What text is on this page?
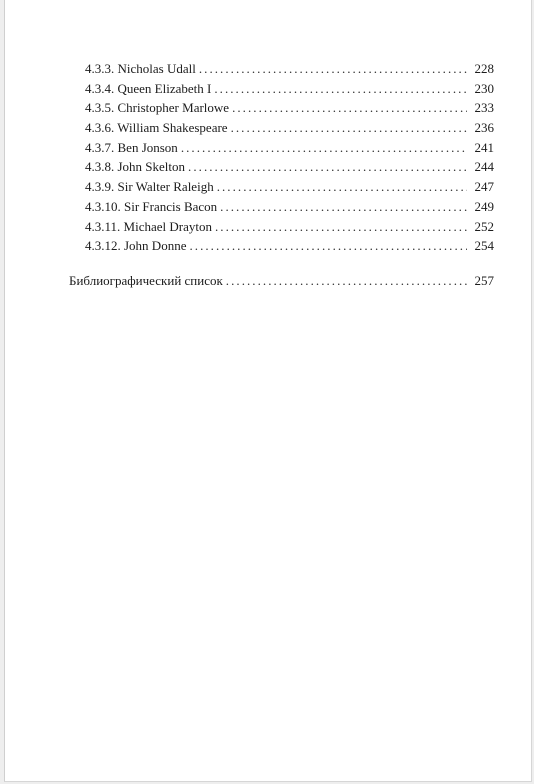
4.3.3. Nicholas Udall . . .	228
4.3.4. Queen Elizabeth I . . .	230
4.3.5. Christopher Marlowe . . .	233
4.3.6. William Shakespeare . . .	236
4.3.7. Ben Jonson . . .	241
4.3.8. John Skelton . . .	244
4.3.9. Sir Walter Raleigh . . .	247
4.3.10. Sir Francis Bacon . . .	249
4.3.11. Michael Drayton . . .	252
4.3.12. John Donne . . .	254
Библиографический список . . .	257
